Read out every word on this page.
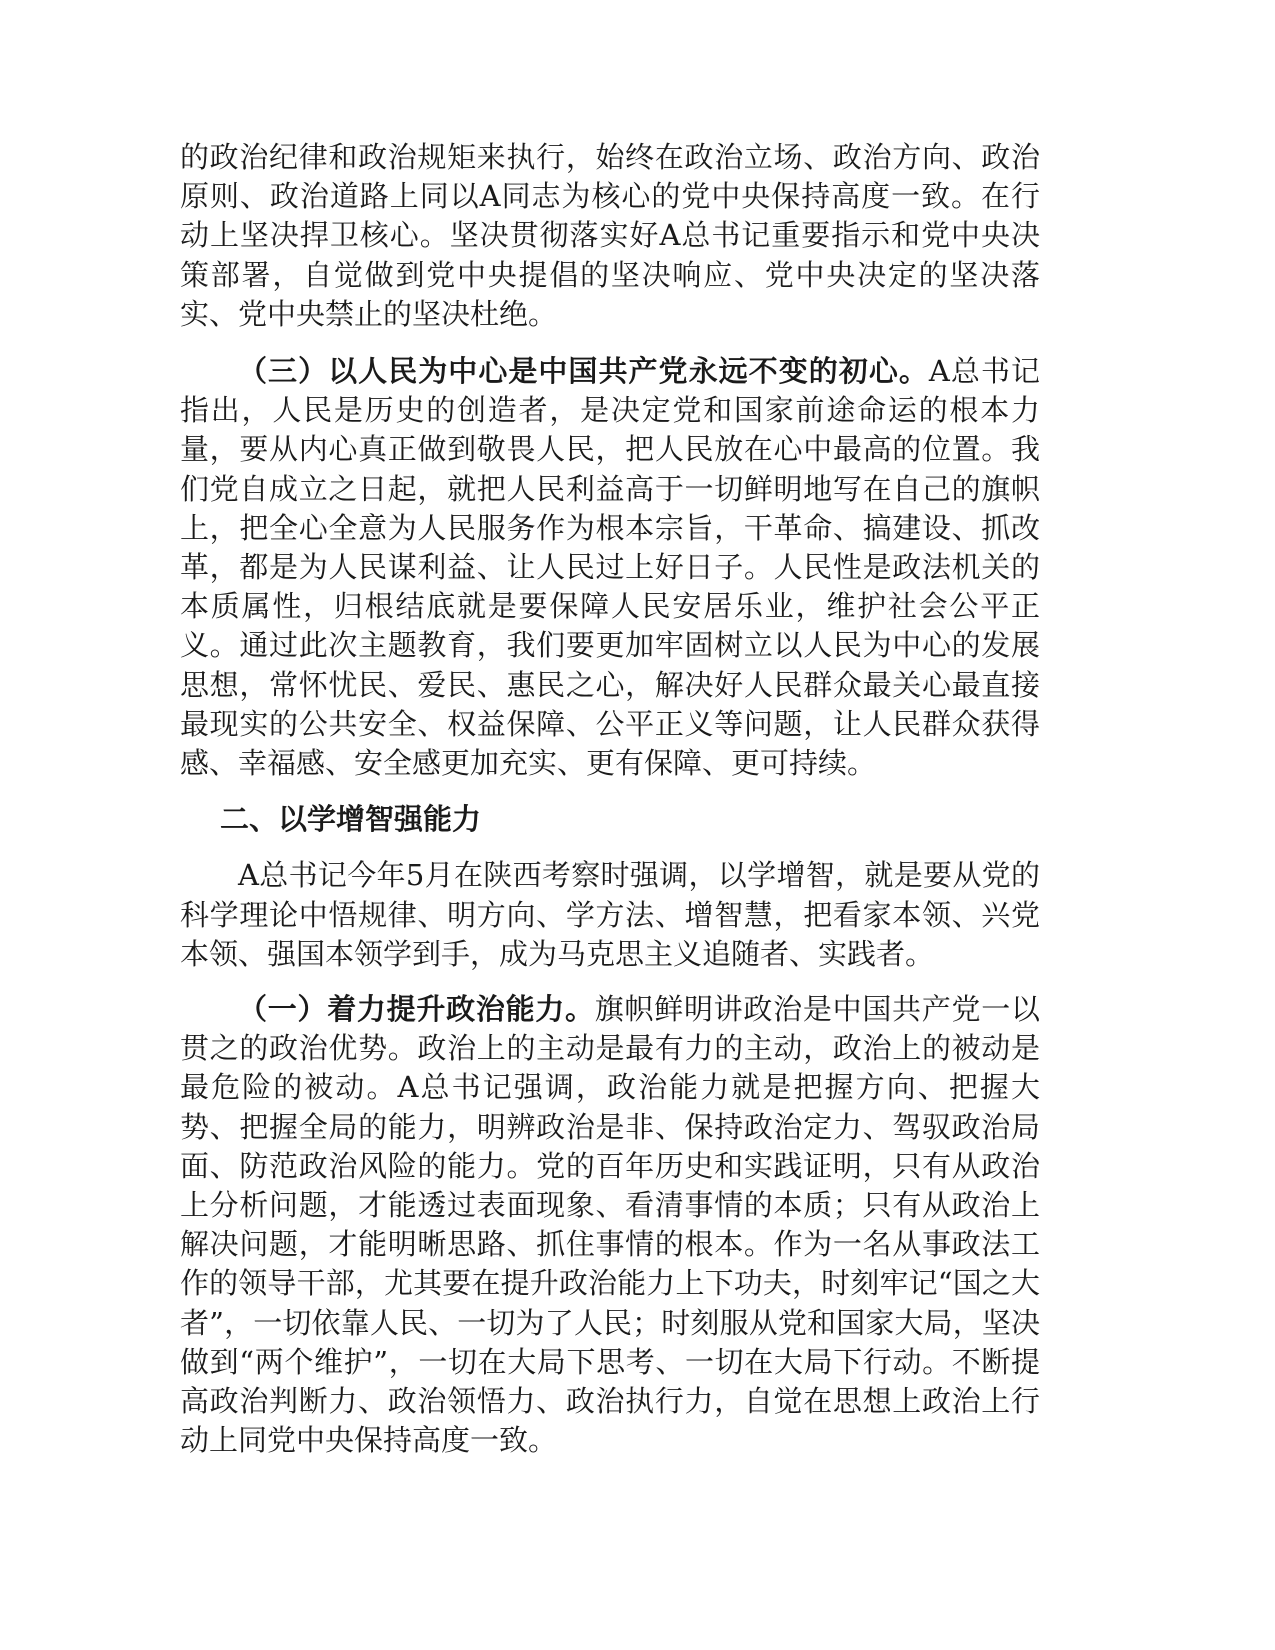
的政治纪律和政治规矩来执行，始终在政治立场、政治方向、政治原则、政治道路上同以A同志为核心的党中央保持高度一致。在行动上坚决捍卫核心。坚决贯彻落实好A总书记重要指示和党中央决策部署，自觉做到党中央提倡的坚决响应、党中央决定的坚决落实、党中央禁止的坚决杜绝。

（三）以人民为中心是中国共产党永远不变的初心。A总书记指出，人民是历史的创造者，是决定党和国家前途命运的根本力量，要从内心真正做到敬畏人民，把人民放在心中最高的位置。我们党自成立之日起，就把人民利益高于一切鲜明地写在自己的旗帜上，把全心全意为人民服务作为根本宗旨，干革命、搞建设、抓改革，都是为人民谋利益、让人民过上好日子。人民性是政法机关的本质属性，归根结底就是要保障人民安居乐业，维护社会公平正义。通过此次主题教育，我们要更加牢固树立以人民为中心的发展思想，常怀忧民、爱民、惠民之心，解决好人民群众最关心最直接最现实的公共安全、权益保障、公平正义等问题，让人民群众获得感、幸福感、安全感更加充实、更有保障、更可持续。

二、以学增智强能力

A总书记今年5月在陕西考察时强调，以学增智，就是要从党的科学理论中悟规律、明方向、学方法、增智慧，把看家本领、兴党本领、强国本领学到手，成为马克思主义追随者、实践者。

（一）着力提升政治能力。旗帜鲜明讲政治是中国共产党一以贯之的政治优势。政治上的主动是最有力的主动，政治上的被动是最危险的被动。A总书记强调，政治能力就是把握方向、把握大势、把握全局的能力，明辨政治是非、保持政治定力、驾驭政治局面、防范政治风险的能力。党的百年历史和实践证明，只有从政治上分析问题，才能透过表面现象、看清事情的本质；只有从政治上解决问题，才能明晰思路、抓住事情的根本。作为一名从事政法工作的领导干部，尤其要在提升政治能力上下功夫，时刻牢记“国之大者”，一切依靠人民、一切为了人民；时刻服从党和国家大局，坚决做到“两个维护”，一切在大局下思考、一切在大局下行动。不断提高政治判断力、政治领悟力、政治执行力，自觉在思想上政治上行动上同党中央保持高度一致。
